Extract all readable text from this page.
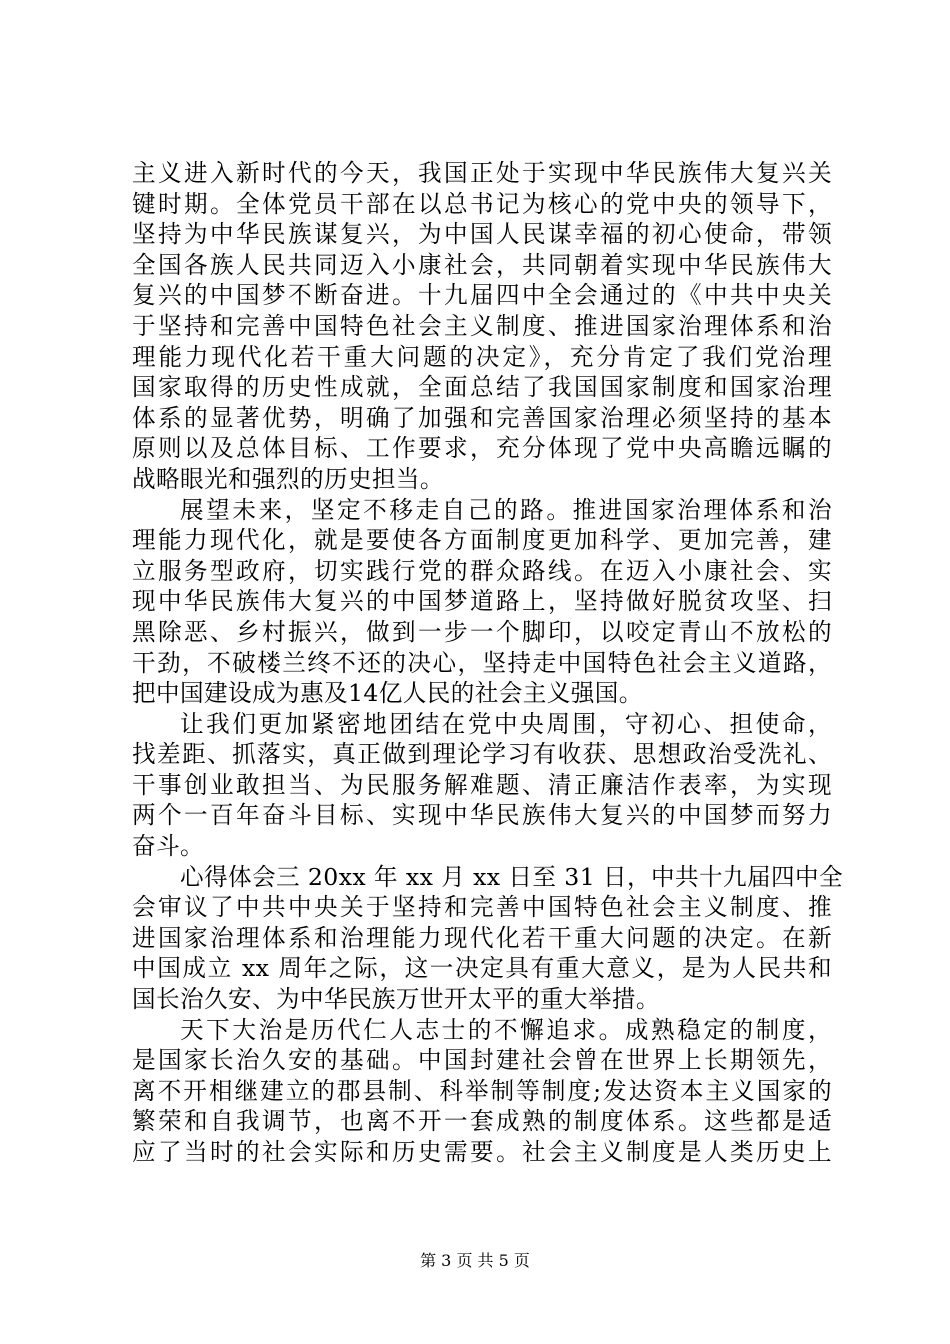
主义进入新时代的今天，我国正处于实现中华民族伟大复兴关
键时期。全体党员干部在以总书记为核心的党中央的领导下，
坚持为中华民族谋复兴，为中国人民谋幸福的初心使命，带领
全国各族人民共同迈入小康社会，共同朝着实现中华民族伟大
复兴的中国梦不断奋进。十九届四中全会通过的《中共中央关
于坚持和完善中国特色社会主义制度、推进国家治理体系和治
理能力现代化若干重大问题的决定》，充分肯定了我们党治理
国家取得的历史性成就，全面总结了我国国家制度和国家治理
体系的显著优势，明确了加强和完善国家治理必须坚持的基本
原则以及总体目标、工作要求，充分体现了党中央高瞻远瞩的
战略眼光和强烈的历史担当。
展望未来，坚定不移走自己的路。推进国家治理体系和治
理能力现代化，就是要使各方面制度更加科学、更加完善，建
立服务型政府，切实践行党的群众路线。在迈入小康社会、实
现中华民族伟大复兴的中国梦道路上，坚持做好脱贫攻坚、扫
黑除恶、乡村振兴，做到一步一个脚印，以咬定青山不放松的
干劲，不破楼兰终不还的决心，坚持走中国特色社会主义道路，
把中国建设成为惠及14亿人民的社会主义强国。
让我们更加紧密地团结在党中央周围，守初心、担使命，
找差距、抓落实，真正做到理论学习有收获、思想政治受洗礼、
干事创业敢担当、为民服务解难题、清正廉洁作表率，为实现
两个一百年奋斗目标、实现中华民族伟大复兴的中国梦而努力
奋斗。
心得体会三 20xx 年 xx 月 xx 日至 31 日，中共十九届四中全
会审议了中共中央关于坚持和完善中国特色社会主义制度、推
进国家治理体系和治理能力现代化若干重大问题的决定。在新
中国成立 xx 周年之际，这一决定具有重大意义，是为人民共和
国长治久安、为中华民族万世开太平的重大举措。
天下大治是历代仁人志士的不懈追求。成熟稳定的制度，
是国家长治久安的基础。中国封建社会曾在世界上长期领先，
离不开相继建立的郡县制、科举制等制度;发达资本主义国家的
繁荣和自我调节，也离不开一套成熟的制度体系。这些都是适
应了当时的社会实际和历史需要。社会主义制度是人类历史上
第 3 页 共 5 页
